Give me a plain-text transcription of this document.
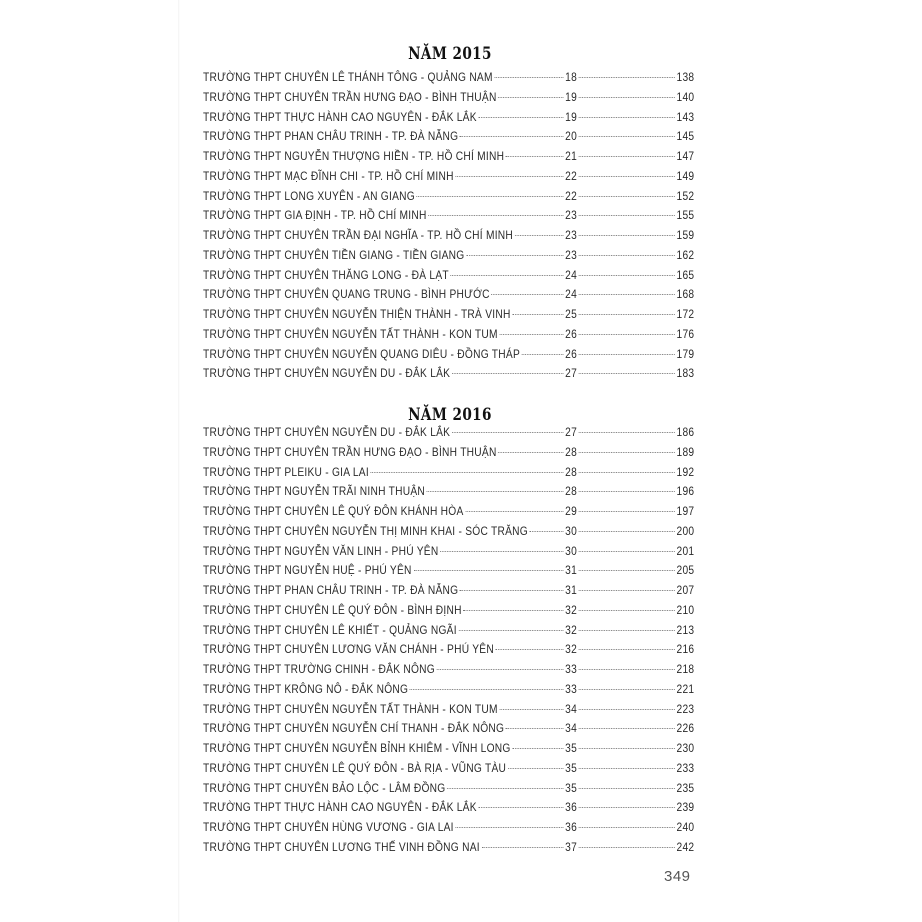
NĂM 2015
TRƯỜNG THPT CHUYÊN LÊ THÁNH TÔNG - QUẢNG NAM	18	138
TRƯỜNG THPT CHUYÊN TRẦN HƯNG ĐẠO - BÌNH THUẬN	19	140
TRƯỜNG THPT THỰC HÀNH CAO NGUYÊN - ĐẮK LẮK	19	143
TRƯỜNG THPT PHAN CHÂU TRINH - TP. ĐÀ NẴNG	20	145
TRƯỜNG THPT NGUYỄN THƯỢNG HIỀN - TP. HỒ CHÍ MINH	21	147
TRƯỜNG THPT MẠC ĐĨNH CHI - TP. HỒ CHÍ MINH	22	149
TRƯỜNG THPT LONG XUYÊN - AN GIANG	22	152
TRƯỜNG THPT GIA ĐỊNH - TP. HỒ CHÍ MINH	23	155
TRƯỜNG THPT CHUYÊN TRẦN ĐẠI NGHĨA - TP. HỒ CHÍ MINH	23	159
TRƯỜNG THPT CHUYÊN TIỀN GIANG - TIỀN GIANG	23	162
TRƯỜNG THPT CHUYÊN THĂNG LONG - ĐÀ LẠT	24	165
TRƯỜNG THPT CHUYÊN QUANG TRUNG - BÌNH PHƯỚC	24	168
TRƯỜNG THPT CHUYÊN NGUYỄN THIỆN THÀNH - TRÀ VINH	25	172
TRƯỜNG THPT CHUYÊN NGUYỄN TẤT THÀNH - KON TUM	26	176
TRƯỜNG THPT CHUYÊN NGUYỄN QUANG DIÊU - ĐỒNG THÁP	26	179
TRƯỜNG THPT CHUYÊN NGUYỄN DU - ĐẮK LẮK	27	183
NĂM 2016
TRƯỜNG THPT CHUYÊN NGUYỄN DU - ĐẮK LẮK	27	186
TRƯỜNG THPT CHUYÊN TRẦN HƯNG ĐẠO - BÌNH THUẬN	28	189
TRƯỜNG THPT PLEIKU - GIA LAI	28	192
TRƯỜNG THPT NGUYỄN TRÃI NINH THUẬN	28	196
TRƯỜNG THPT CHUYÊN LÊ QUÝ ĐÔN KHÁNH HÒA	29	197
TRƯỜNG THPT CHUYÊN NGUYỄN THỊ MINH KHAI - SÓC TRĂNG	30	200
TRƯỜNG THPT NGUYỄN VĂN LINH - PHÚ YÊN	30	201
TRƯỜNG THPT NGUYỄN HUỆ - PHÚ YÊN	31	205
TRƯỜNG THPT PHAN CHÂU TRINH - TP. ĐÀ NẴNG	31	207
TRƯỜNG THPT CHUYÊN LÊ QUÝ ĐÔN - BÌNH ĐỊNH	32	210
TRƯỜNG THPT CHUYÊN LÊ KHIẾT - QUẢNG NGÃI	32	213
TRƯỜNG THPT CHUYÊN LƯƠNG VĂN CHÁNH - PHÚ YÊN	32	216
TRƯỜNG THPT TRƯỜNG CHINH - ĐẮK NÔNG	33	218
TRƯỜNG THPT KRÔNG NÔ - ĐẮK NÔNG	33	221
TRƯỜNG THPT CHUYÊN NGUYỄN TẤT THÀNH - KON TUM	34	223
TRƯỜNG THPT CHUYÊN NGUYỄN CHÍ THANH - ĐẮK NÔNG	34	226
TRƯỜNG THPT CHUYÊN NGUYỄN BỈNH KHIÊM - VĨNH LONG	35	230
TRƯỜNG THPT CHUYÊN LÊ QUÝ ĐÔN - BÀ RỊA - VŨNG TÀU	35	233
TRƯỜNG THPT CHUYÊN BẢO LỘC - LÂM ĐỒNG	35	235
TRƯỜNG THPT THỰC HÀNH CAO NGUYÊN - ĐẮK LẮK	36	239
TRƯỜNG THPT CHUYÊN HÙNG VƯƠNG - GIA LAI	36	240
TRƯỜNG THPT CHUYÊN LƯƠNG THẾ VINH ĐỒNG NAI	37	242
349
